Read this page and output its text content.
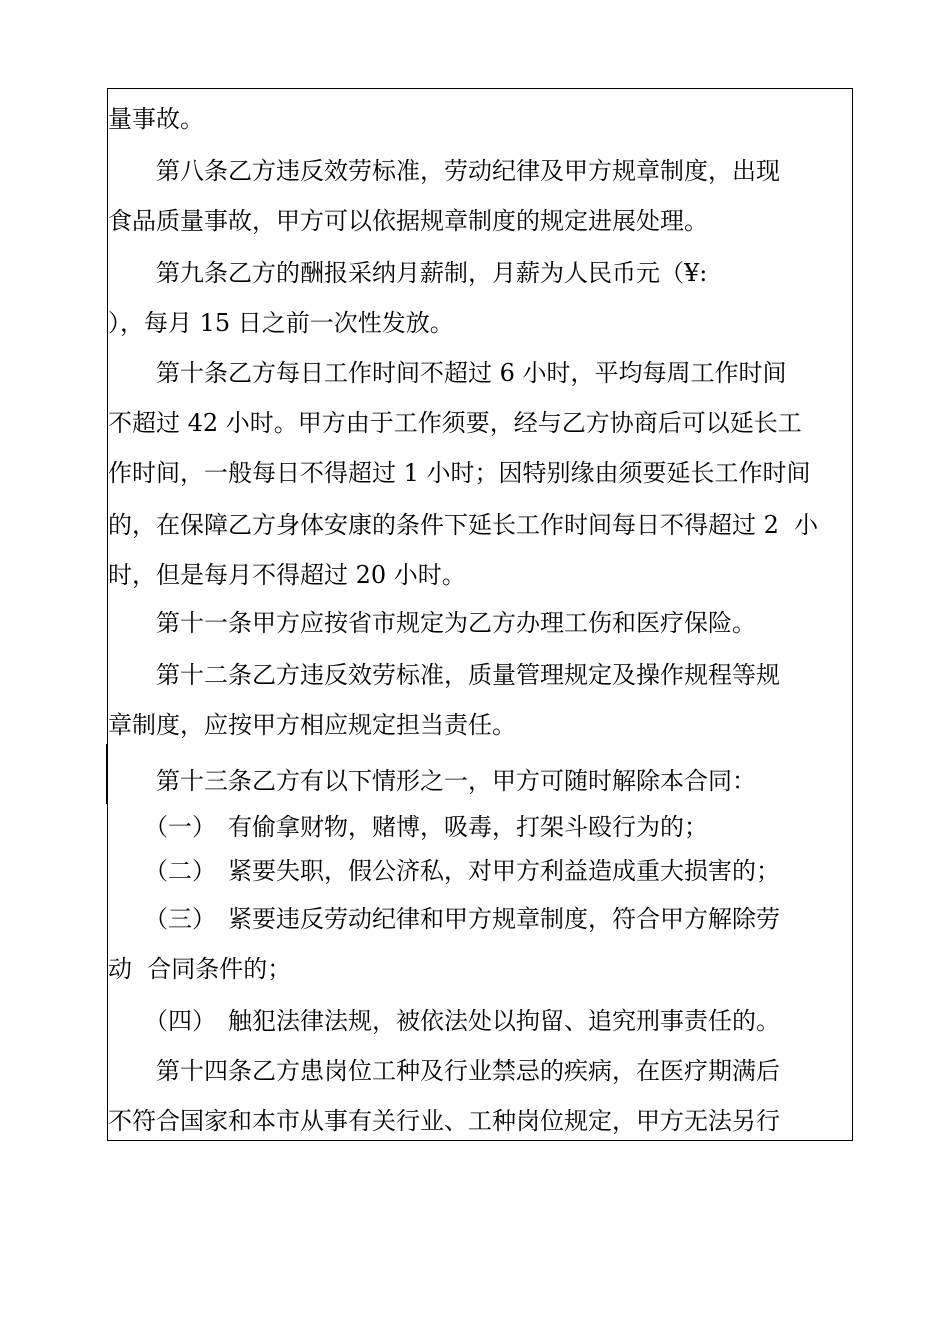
量事故。
　　第八条乙方违反效劳标准，劳动纪律及甲方规章制度，出现
食品质量事故，甲方可以依据规章制度的规定进展处理。
　　第九条乙方的酬报采纳月薪制，月薪为人民币元（¥:
），每月 15 日之前一次性发放。
　　第十条乙方每日工作时间不超过 6 小时，平均每周工作时间
不超过 42 小时。甲方由于工作须要，经与乙方协商后可以延长工
作时间，一般每日不得超过 1 小时；因特别缘由须要延长工作时间
的，在保障乙方身体安康的条件下延长工作时间每日不得超过 2  小
时，但是每月不得超过 20 小时。
　　第十一条甲方应按省市规定为乙方办理工伤和医疗保险。
　　第十二条乙方违反效劳标准，质量管理规定及操作规程等规
章制度，应按甲方相应规定担当责任。
　　第十三条乙方有以下情形之一，甲方可随时解除本合同：
　　（一）　有偷拿财物，赌博，吸毒，打架斗殴行为的；
　　（二）　紧要失职，假公济私，对甲方利益造成重大损害的；
　　（三）　紧要违反劳动纪律和甲方规章制度，符合甲方解除劳
动  合同条件的；
　　（四）　触犯法律法规，被依法处以拘留、追究刑事责任的。
　　第十四条乙方患岗位工种及行业禁忌的疾病，在医疗期满后
不符合国家和本市从事有关行业、工种岗位规定，甲方无法另行
